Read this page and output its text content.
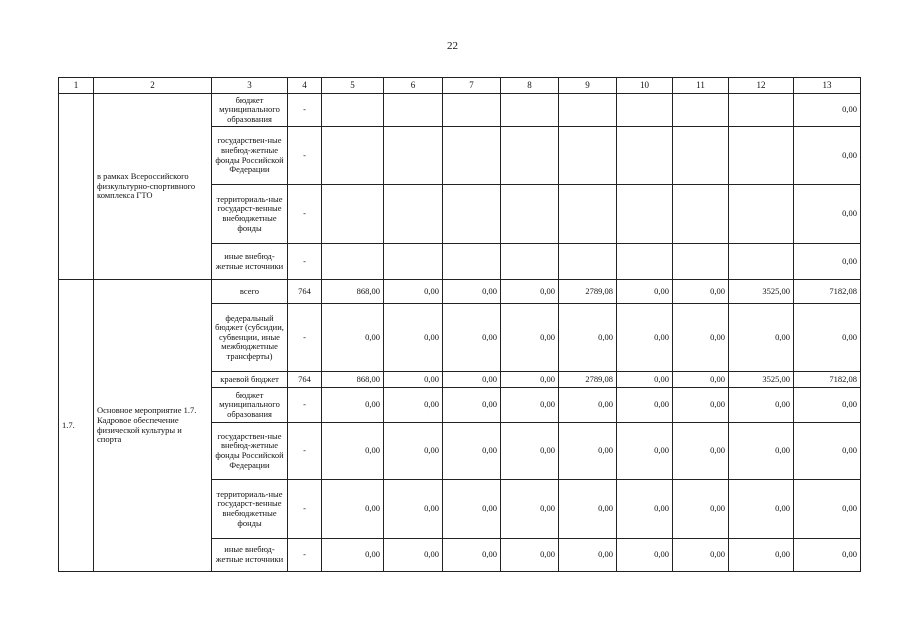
22
1	2	3	4	5	6	7	8	9	10	11	12	13
	в рамках Всероссийского физкультурно-спортивного комплекса ГТО	бюджет муниципального образования	-									0,00
		государствен-ные внебюд-жетные фонды Российской Федерации	-									0,00
		территориаль-ные государст-венные внебюджетные фонды	-									0,00
		иные внебюд-жетные источники	-									0,00
1.7.	Основное мероприятие 1.7. Кадровое обеспечение физической культуры и спорта	всего	764	868,00	0,00	0,00	0,00	2789,08	0,00	0,00	3525,00	7182,08
		федеральный бюджет (субсидии, субвенции, иные межбюджетные трансферты)	-	0,00	0,00	0,00	0,00	0,00	0,00	0,00	0,00	0,00
		краевой бюджет	764	868,00	0,00	0,00	0,00	2789,08	0,00	0,00	3525,00	7182,08
		бюджет муниципального образования	-	0,00	0,00	0,00	0,00	0,00	0,00	0,00	0,00	0,00
		государствен-ные внебюд-жетные фонды Российской Федерации	-	0,00	0,00	0,00	0,00	0,00	0,00	0,00	0,00	0,00
		территориаль-ные государст-венные внебюджетные фонды	-	0,00	0,00	0,00	0,00	0,00	0,00	0,00	0,00	0,00
		иные внебюд-жетные источники	-	0,00	0,00	0,00	0,00	0,00	0,00	0,00	0,00	0,00
